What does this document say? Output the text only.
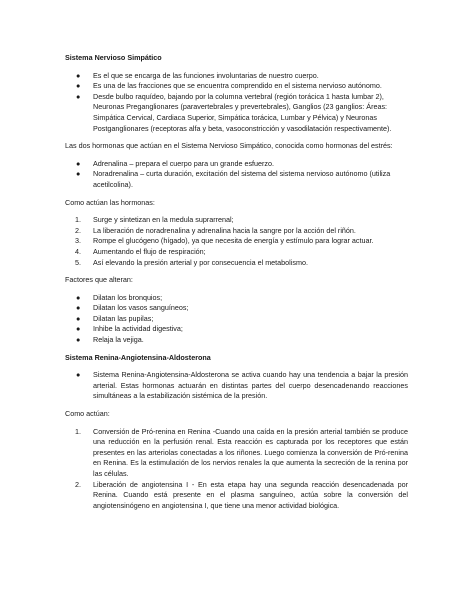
Sistema Nervioso Simpático
● Es el que se encarga de las funciones involuntarias de nuestro cuerpo.
● Es una de las fracciones que se encuentra comprendido en el sistema nervioso autónomo.
● Desde bulbo raquídeo, bajando por la columna vertebral (región torácica 1 hasta lumbar 2), Neuronas Preganglionares (paravertebrales y prevertebrales), Ganglios (23 ganglios: Áreas: Simpática Cervical, Cardiaca Superior, Simpática torácica, Lumbar y Pélvica) y Neuronas Postganglionares (receptoras alfa y beta, vasoconstricción y vasodilatación respectivamente).

Las dos hormonas que actúan en el Sistema Nervioso Simpático, conocida como hormonas del estrés:

● Adrenalina – prepara el cuerpo para un grande esfuerzo.
● Noradrenalina – curta duración, excitación del sistema del sistema nervioso autónomo (utiliza acetilcolina).

Como actúan las hormonas:

1. Surge y sintetizan en la medula suprarrenal;
2. La liberación de noradrenalina y adrenalina hacia la sangre por la acción del riñón.
3. Rompe el glucógeno (hígado), ya que necesita de energía y estímulo para lograr actuar.
4. Aumentando el flujo de respiración;
5. Así elevando la presión arterial y por consecuencia el metabolismo.

Factores que alteran:

● Dilatan los bronquios;
● Dilatan los vasos sanguíneos;
● Dilatan las pupilas;
● Inhibe la actividad digestiva;
● Relaja la vejiga.
Sistema Renina-Angiotensina-Aldosterona
● Sistema Renina-Angiotensina-Aldosterona se activa cuando hay una tendencia a bajar la presión arterial. Estas hormonas actuarán en distintas partes del cuerpo desencadenando reacciones simultáneas a la estabilización sistémica de la presión.

Como actúan:

1. Conversión de Pró-renina en Renina -Cuando una caída en la presión arterial también se produce una reducción en la perfusión renal. Esta reacción es capturada por los receptores que están presentes en las arteriolas conectadas a los riñones. Luego comienza la conversión de Pró-renina en Renina. Es la estimulación de los nervios renales la que aumenta la secreción de la renina por las células.
2. Liberación de angiotensina I - En esta etapa hay una segunda reacción desencadenada por Renina. Cuando está presente en el plasma sanguíneo, actúa sobre la conversión del angiotensinógeno en angiotensina I, que tiene una menor actividad biológica.
